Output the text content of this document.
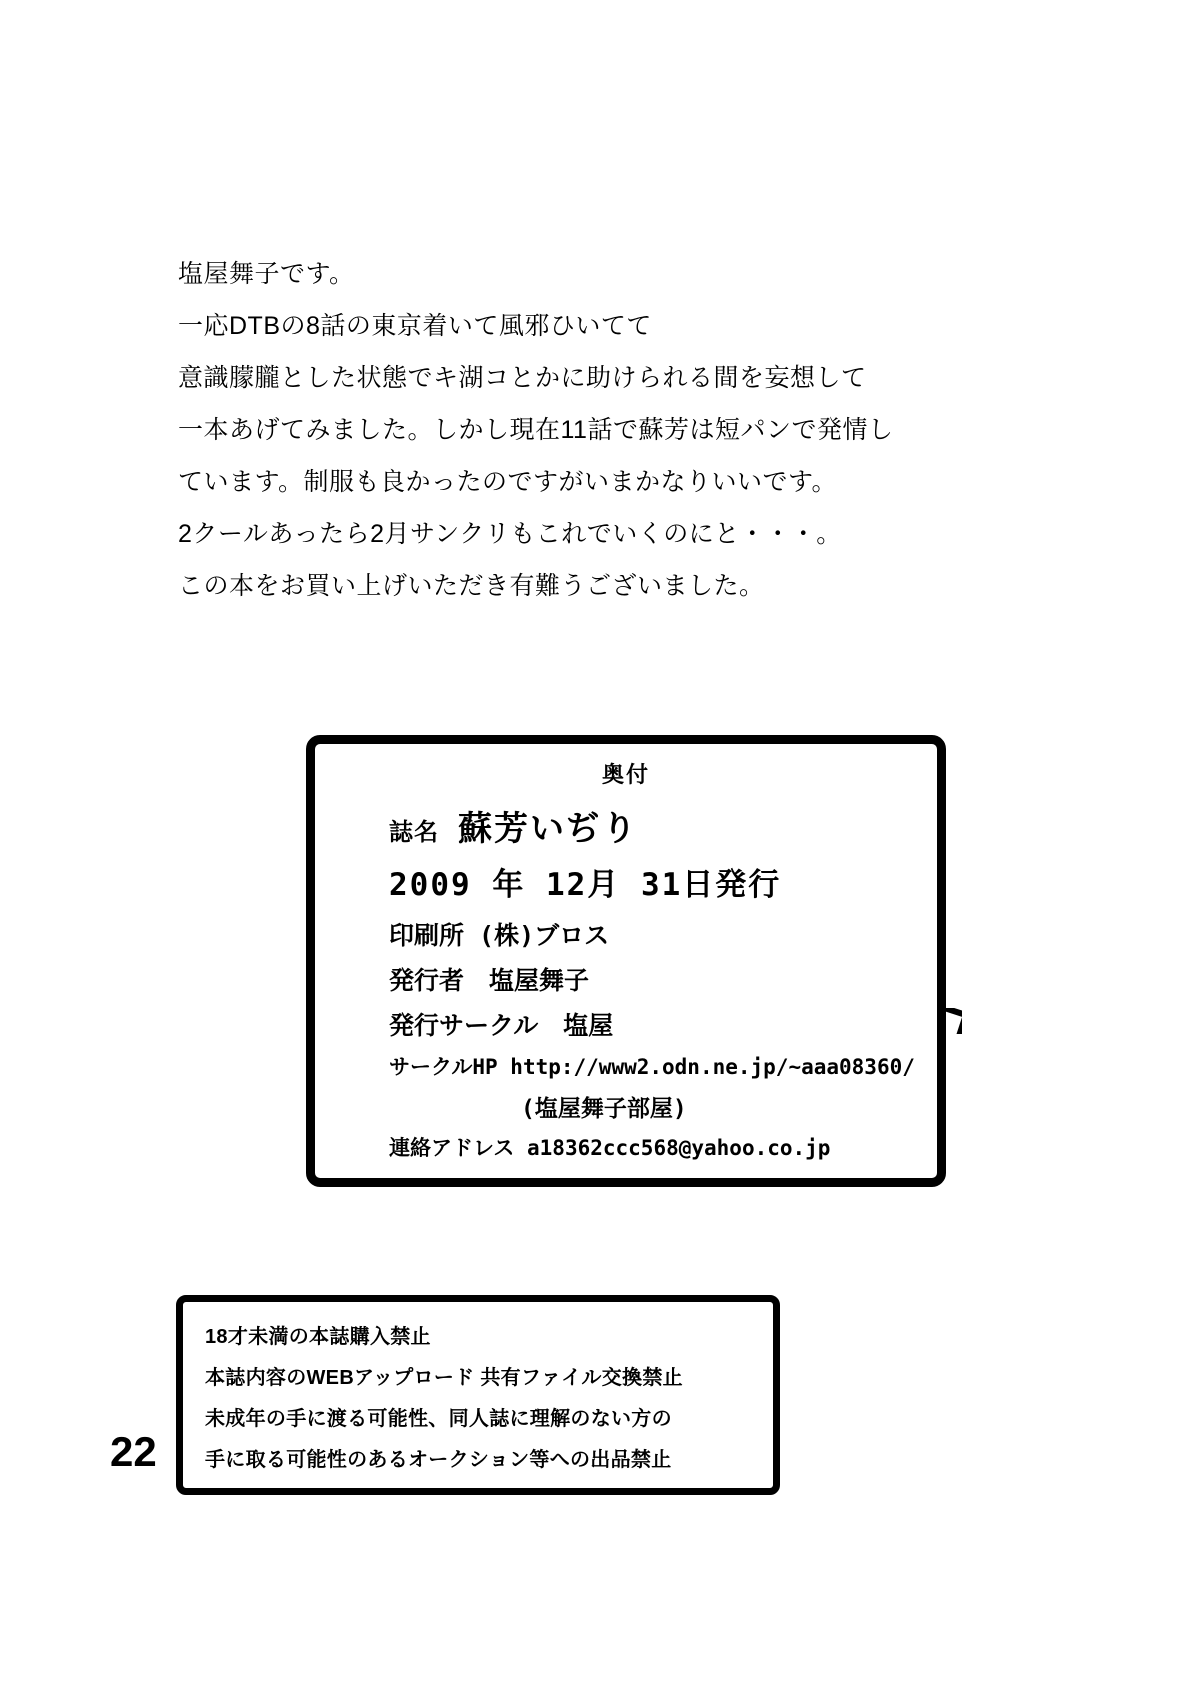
塩屋舞子です。

一応DTBの8話の東京着いて風邪ひいてて

意識朦朧とした状態でキ湖コとかに助けられる間を妄想して

一本あげてみました。しかし現在11話で蘇芳は短パンで発情し

ています。制服も良かったのですがいまかなりいいです。

2クールあったら2月サンクリもこれでいくのにと・・・。

この本をお買い上げいただき有難うございました。

奥付
誌名 蘇芳いぢり
2009 年 12月 31日発行
印刷所 (株)ブロス
発行者　塩屋舞子
発行サークル　塩屋
サークルHP http://www2.odn.ne.jp/~aaa08360/
(塩屋舞子部屋)
連絡アドレス a18362ccc568@yahoo.co.jp

18才未満の本誌購入禁止

本誌内容のWEBアップロード 共有ファイル交換禁止

未成年の手に渡る可能性、同人誌に理解のない方の

手に取る可能性のあるオークション等への出品禁止

22
